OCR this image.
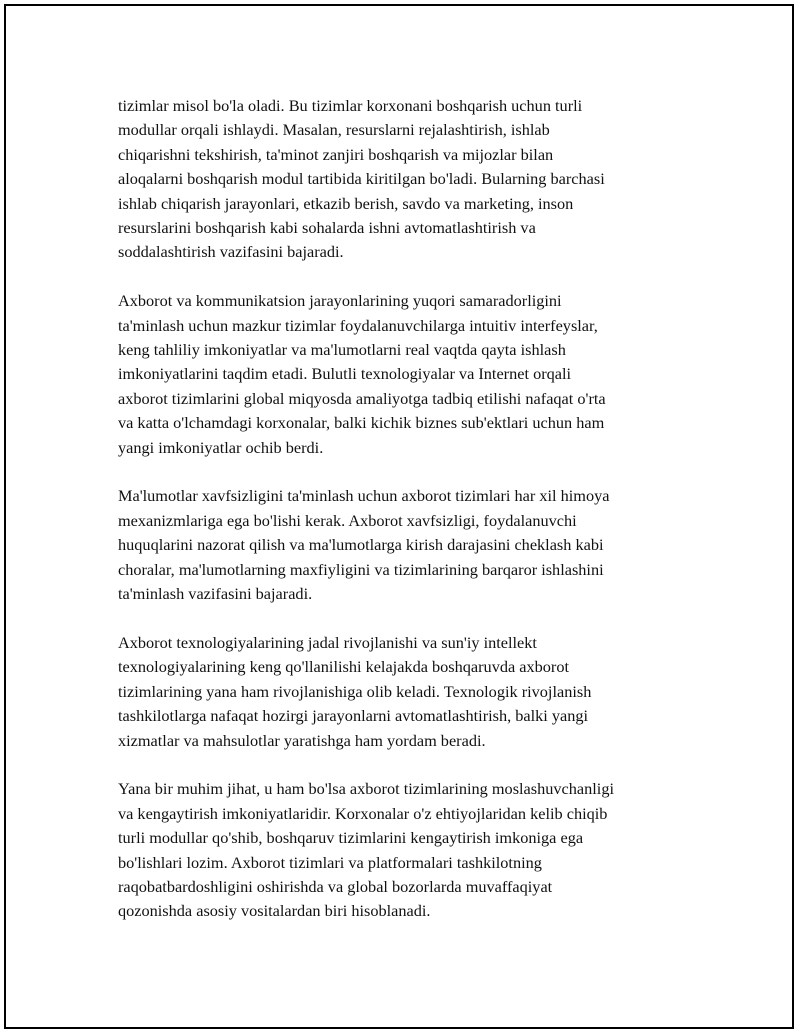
tizimlar misol bo'la oladi. Bu tizimlar korxonani boshqarish uchun turli
modullar orqali ishlaydi. Masalan, resurslarni rejalashtirish, ishlab
chiqarishni tekshirish, ta'minot zanjiri boshqarish va mijozlar bilan
aloqalarni boshqarish modul tartibida kiritilgan bo'ladi. Bularning barchasi
ishlab chiqarish jarayonlari, etkazib berish, savdo va marketing, inson
resurslarini boshqarish kabi sohalarda ishni avtomatlashtirish va
soddalashtirish vazifasini bajaradi.

Axborot va kommunikatsion jarayonlarining yuqori samaradorligini
ta'minlash uchun mazkur tizimlar foydalanuvchilarga intuitiv interfeyslar,
keng tahliliy imkoniyatlar va ma'lumotlarni real vaqtda qayta ishlash
imkoniyatlarini taqdim etadi. Bulutli texnologiyalar va Internet orqali
axborot tizimlarini global miqyosda amaliyotga tadbiq etilishi nafaqat o'rta
va katta o'lchamdagi korxonalar, balki kichik biznes sub'ektlari uchun ham
yangi imkoniyatlar ochib berdi.

Ma'lumotlar xavfsizligini ta'minlash uchun axborot tizimlari har xil himoya
mexanizmlariga ega bo'lishi kerak. Axborot xavfsizligi, foydalanuvchi
huquqlarini nazorat qilish va ma'lumotlarga kirish darajasini cheklash kabi
choralar, ma'lumotlarning maxfiyligini va tizimlarining barqaror ishlashini
ta'minlash vazifasini bajaradi.

Axborot texnologiyalarining jadal rivojlanishi va sun'iy intellekt
texnologiyalarining keng qo'llanilishi kelajakda boshqaruvda axborot
tizimlarining yana ham rivojlanishiga olib keladi. Texnologik rivojlanish
tashkilotlarga nafaqat hozirgi jarayonlarni avtomatlashtirish, balki yangi
xizmatlar va mahsulotlar yaratishga ham yordam beradi.

Yana bir muhim jihat, u ham bo'lsa axborot tizimlarining moslashuvchanligi
va kengaytirish imkoniyatlaridir. Korxonalar o'z ehtiyojlaridan kelib chiqib
turli modullar qo'shib, boshqaruv tizimlarini kengaytirish imkoniga ega
bo'lishlari lozim. Axborot tizimlari va platformalari tashkilotning
raqobatbardoshligini oshirishda va global bozorlarda muvaffaqiyat
qozonishda asosiy vositalardan biri hisoblanadi.
